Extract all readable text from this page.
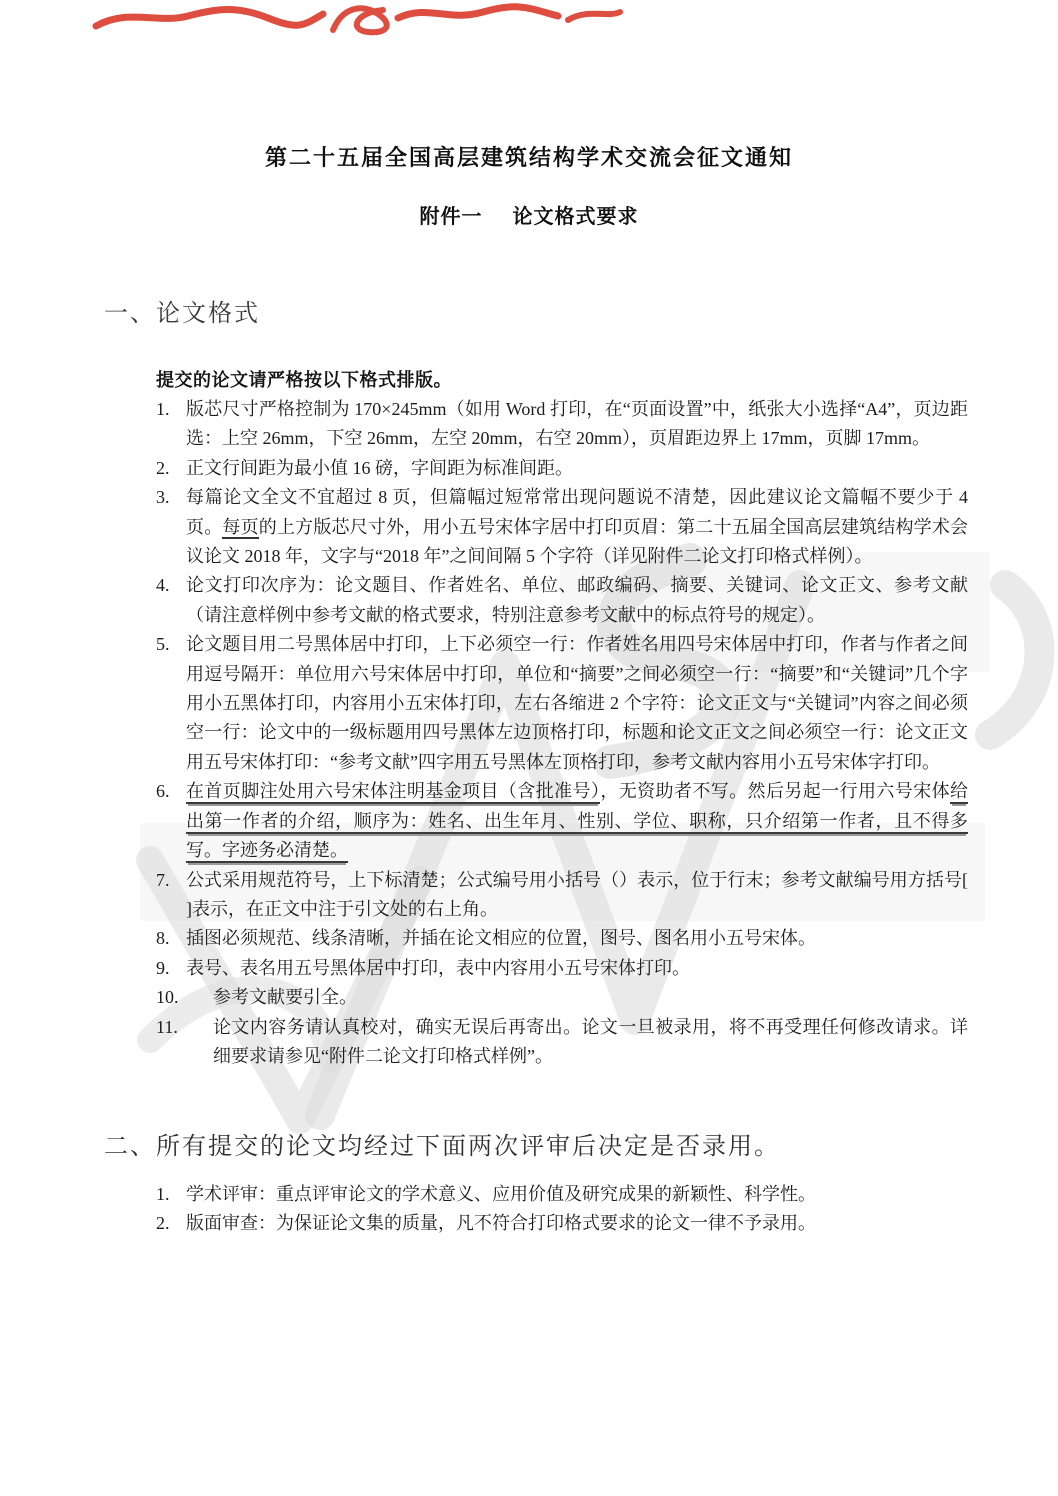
第二十五届全国高层建筑结构学术交流会征文通知
附件一 论文格式要求
一、论文格式
提交的论文请严格按以下格式排版。
1. 版芯尺寸严格控制为 170×245mm（如用 Word 打印，在“页面设置”中，纸张大小选择“A4”，页边距选：上空 26mm，下空 26mm，左空 20mm，右空 20mm），页眉距边界上 17mm，页脚 17mm。
2. 正文行间距为最小值 16 磅，字间距为标准间距。
3. 每篇论文全文不宜超过 8 页，但篇幅过短常常出现问题说不清楚，因此建议论文篇幅不要少于 4 页。每页的上方版芯尺寸外，用小五号宋体字居中打印页眉：第二十五届全国高层建筑结构学术会议论文 2018 年，文字与“2018 年”之间间隔 5 个字符（详见附件二论文打印格式样例）。
4. 论文打印次序为：论文题目、作者姓名、单位、邮政编码、摘要、关键词、论文正文、参考文献（请注意样例中参考文献的格式要求，特别注意参考文献中的标点符号的规定）。
5. 论文题目用二号黑体居中打印，上下必须空一行：作者姓名用四号宋体居中打印，作者与作者之间用逗号隔开：单位用六号宋体居中打印，单位和“摘要”之间必须空一行：“摘要”和“关键词”几个字用小五黑体打印，内容用小五宋体打印，左右各缩进 2 个字符：论文正文与“关键词”内容之间必须空一行：论文中的一级标题用四号黑体左边顶格打印，标题和论文正文之间必须空一行：论文正文用五号宋体打印：“参考文献”四字用五号黑体左顶格打印，参考文献内容用小五号宋体字打印。
6. 在首页脚注处用六号宋体注明基金项目（含批准号），无资助者不写。然后另起一行用六号宋体给出第一作者的介绍，顺序为：姓名、出生年月、性别、学位、职称，只介绍第一作者，且不得多写。字迹务必清楚。
7. 公式采用规范符号，上下标清楚；公式编号用小括号（）表示，位于行末；参考文献编号用方括号[ ]表示，在正文中注于引文处的右上角。
8. 插图必须规范、线条清晰，并插在论文相应的位置，图号、图名用小五号宋体。
9. 表号、表名用五号黑体居中打印，表中内容用小五号宋体打印。
10.	参考文献要引全。
11.	论文内容务请认真校对，确实无误后再寄出。论文一旦被录用，将不再受理任何修改请求。详细要求请参见“附件二论文打印格式样例”。
二、所有提交的论文均经过下面两次评审后决定是否录用。
1. 学术评审：重点评审论文的学术意义、应用价值及研究成果的新颖性、科学性。
2. 版面审查：为保证论文集的质量，凡不符合打印格式要求的论文一律不予录用。
